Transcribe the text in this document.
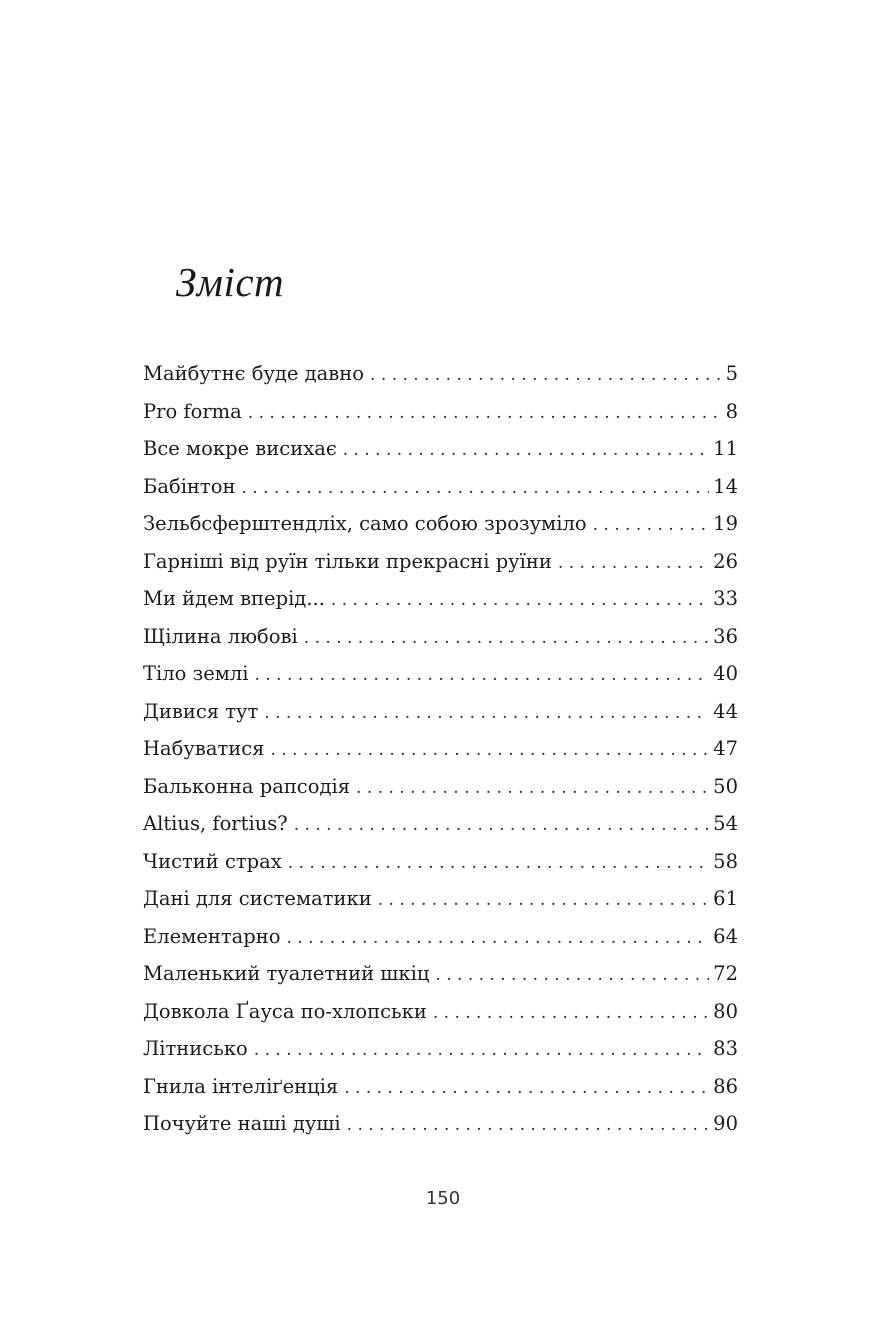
Зміст
Майбутнє буде давно . . .	5
Pro forma . . .	8
Все мокре висихає . . .	11
Бабінтон . . .	14
Зельбсферштендліх, само собою зрозуміло . . .	19
Гарніші від руїн тільки прекрасні руїни . . .	26
Ми йдем вперід... . . .	33
Щілина любові . . .	36
Тіло землі . . .	40
Дивися тут . . .	44
Набуватися . . .	47
Бальконна рапсодія . . .	50
Altius, fortius? . . .	54
Чистий страх . . .	58
Дані для систематики . . .	61
Елементарно . . .	64
Маленький туалетний шкіц . . .	72
Довкола Ґауса по-хлопськи . . .	80
Літнисько . . .	83
Гнила інтеліґенція . . .	86
Почуйте наші душі . . .	90
150
